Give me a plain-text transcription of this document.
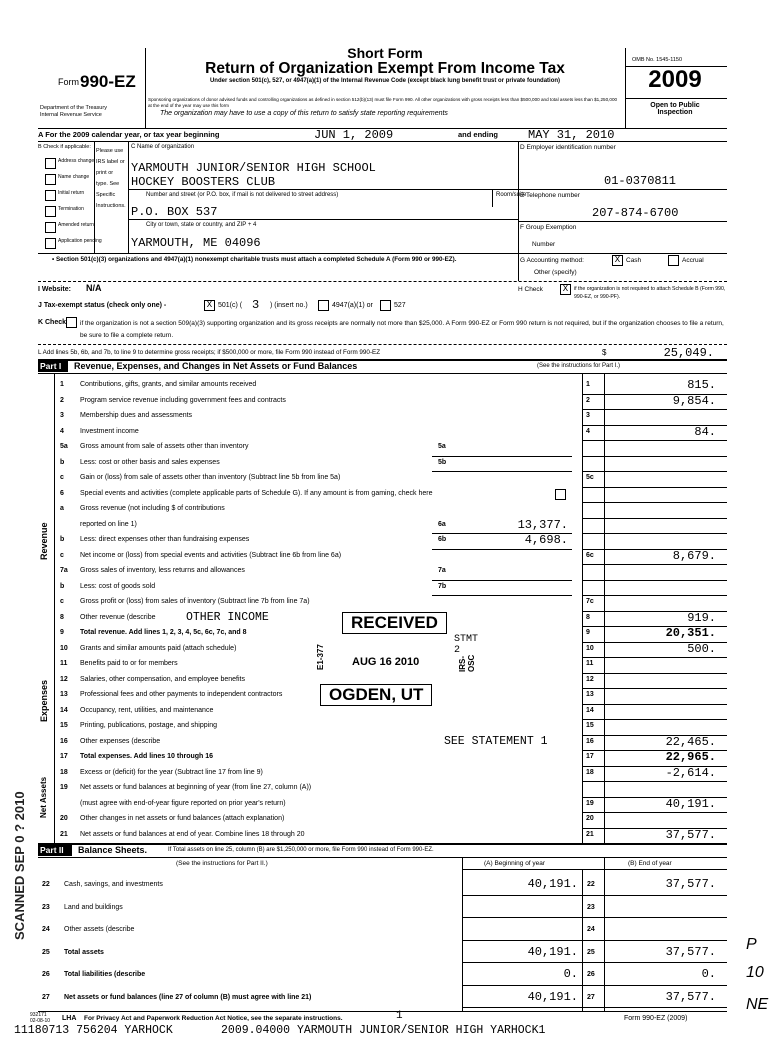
Form 990-EZ
Department of the Treasury
Internal Revenue Service
Short Form
Return of Organization Exempt From Income Tax
Under section 501(c), 527, or 4947(a)(1) of the Internal Revenue Code (except black lung benefit trust or private foundation)
Sponsoring organizations of donor advised funds and controlling organizations as defined in section 512(b)(13) must file Form 990. All other organizations with gross receipts less than $500,000 and total assets less than $1,250,000 at the end of the year may use this form
The organization may have to use a copy of this return to satisfy state reporting requirements
OMB No. 1545-1150
2009
Open to Public
Inspection
A For the 2009 calendar year, or tax year beginning	JUN 1, 2009	and ending	MAY 31, 2010
B Check if applicable:
Address change
Name change
Initial return
Termination
Amended return
Application pending
Please use IRS label or print or type. See Specific Instructions.
C Name of organization
YARMOUTH JUNIOR/SENIOR HIGH SCHOOL
HOCKEY BOOSTERS CLUB
Number and street (or P.O. box, if mail is not delivered to street address)	Room/suite
P.O. BOX 537
City or town, state or country, and ZIP + 4
YARMOUTH, ME 04096
D Employer identification number
01-0370811
E Telephone number
207-874-6700
F Group Exemption
Number
• Section 501(c)(3) organizations and 4947(a)(1) nonexempt charitable trusts must attach a completed Schedule A (Form 990 or 990-EZ).	G Accounting method:	X Cash	Accrual
Other (specify)
I Website: N/A	H Check	X	if the organization is not required to attach Schedule B (Form 990, 990-EZ, or 990-PF).
J Tax-exempt status (check only one) -	X 501(c) ( 3 ) (insert no.)	4947(a)(1) or	527
K Check if the organization is not a section 509(a)(3) supporting organization and its gross receipts are normally not more than $25,000. A Form 990-EZ or Form 990 return is not required, but if the organization chooses to file a return, be sure to file a complete return.
L Add lines 5b, 6b, and 7b, to line 9 to determine gross receipts; if $500,000 or more, file Form 990 instead of Form 990-EZ	$	25,049.
Part I Revenue, Expenses, and Changes in Net Assets or Fund Balances	(See the instructions for Part I.)
1 Contributions, gifts, grants, and similar amounts received	1	815.
2 Program service revenue including government fees and contracts	2	9,854.
3 Membership dues and assessments	3
4 Investment income	4	84.
5a Gross amount from sale of assets other than inventory	5a
b Less: cost or other basis and sales expenses	5b
c Gain or (loss) from sale of assets other than inventory (Subtract line 5b from line 5a)	5c
6 Special events and activities (complete applicable parts of Schedule G). If any amount is from gaming, check here
a Gross revenue (not including $ of contributions
reported on line 1)	6a	13,377.
b Less: direct expenses other than fundraising expenses	6b	4,698.
c Net income or (loss) from special events and activities (Subtract line 6b from line 6a)	6c	8,679.
7a Gross sales of inventory, less returns and allowances	7a
b Less: cost of goods sold	7b
c Gross profit or (loss) from sales of inventory (Subtract line 7b from line 7a)	7c
8 Other revenue (describe	OTHER INCOME	8	919.
9 Total revenue. Add lines 1, 2, 3, 4, 5c, 6c, 7c, and 8	9	20,351.
10 Grants and similar amounts paid (attach schedule)	10	500.
11 Benefits paid to or for members	11
12 Salaries, other compensation, and employee benefits	12
13 Professional fees and other payments to independent contractors	13
14 Occupancy, rent, utilities, and maintenance	14
15 Printing, publications, postage, and shipping	15
16 Other expenses (describe	SEE STATEMENT 1	16	22,465.
17 Total expenses. Add lines 10 through 16	17	22,965.
18 Excess or (deficit) for the year (Subtract line 17 from line 9)	18	-2,614.
19 Net assets or fund balances at beginning of year (from line 27, column (A))
(must agree with end-of-year figure reported on prior year's return)	19	40,191.
20 Other changes in net assets or fund balances (attach explanation)	20
21 Net assets or fund balances at end of year. Combine lines 18 through 20	21	37,577.
Revenue
Expenses
Net Assets
RECEIVED
AUG 16 2010
OGDEN, UT
E1-377	IRS-OSC
STMT 2
Part II Balance Sheets.	If Total assets on line 25, column (B) are $1,250,000 or more, file Form 990 instead of Form 990-EZ.
(See the instructions for Part II.)	(A) Beginning of year	(B) End of year
22 Cash, savings, and investments	40,191. 22	37,577.
23 Land and buildings	23
24 Other assets (describe	24
25 Total assets	40,191. 25	37,577.
26 Total liabilities (describe	0. 26	0.
27 Net assets or fund balances (line 27 of column (B) must agree with line 21)	40,191. 27	37,577.
932171
02-08-10 LHA For Privacy Act and Paperwork Reduction Act Notice, see the separate instructions.	Form 990-EZ (2009)
SCANNED SEP 0 ? 2010
P
10
NE
1
11180713 756204 YARHOCK       2009.04000 YARMOUTH JUNIOR/SENIOR HIGH YARHOCK1
